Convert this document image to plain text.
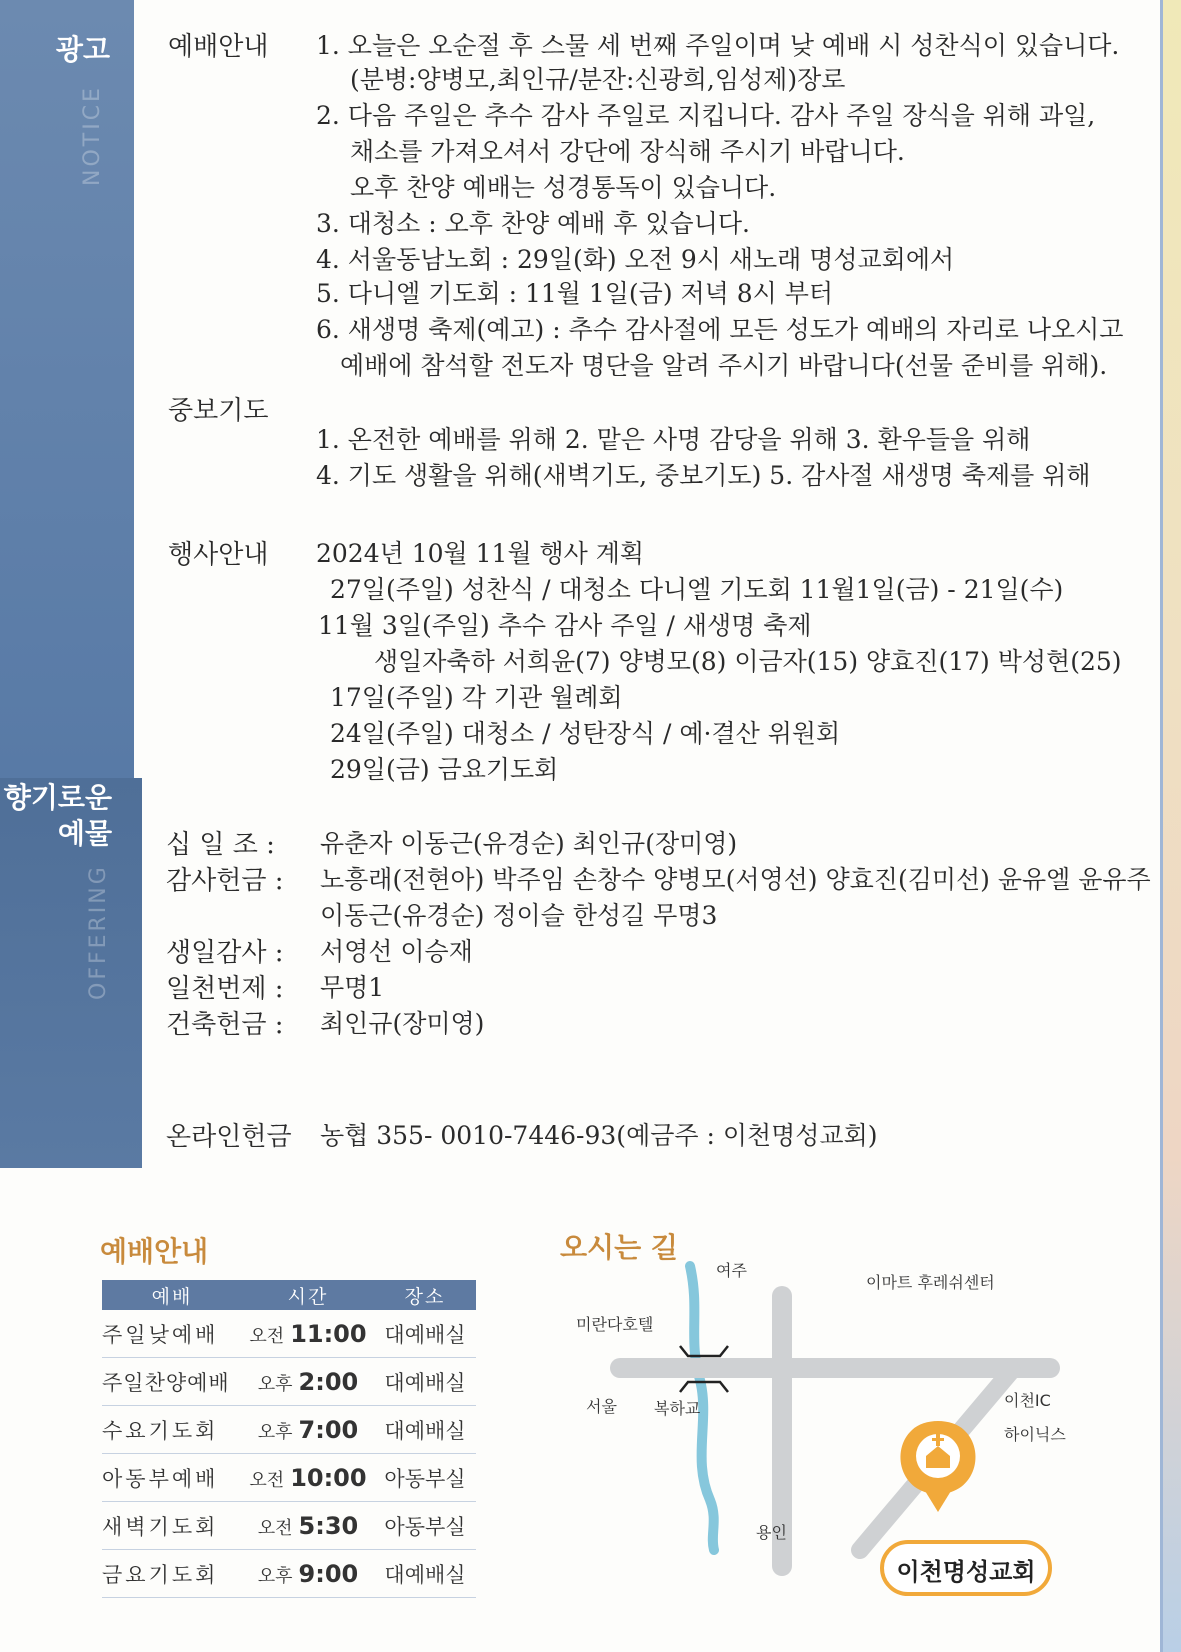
광고
NOTICE
향기로운
예물
OFFERING
예배안내 1. 오늘은 오순절 후 스물 세 번째 주일이며 낮 예배 시 성찬식이 있습니다.
(분병:양병모,최인규/분잔:신광희,임성제)장로
2. 다음 주일은 추수 감사 주일로 지킵니다. 감사 주일 장식을 위해 과일,
채소를 가져오셔서 강단에 장식해 주시기 바랍니다.
오후 찬양 예배는 성경통독이 있습니다.
3. 대청소 : 오후 찬양 예배 후 있습니다.
4. 서울동남노회 : 29일(화) 오전 9시 새노래 명성교회에서
5. 다니엘 기도회 : 11월 1일(금) 저녁 8시 부터
6. 새생명 축제(예고) : 추수 감사절에 모든 성도가 예배의 자리로 나오시고
예배에 참석할 전도자 명단을 알려 주시기 바랍니다(선물 준비를 위해).
중보기도
1. 온전한 예배를 위해 2. 맡은 사명 감당을 위해 3. 환우들을 위해
4. 기도 생활을 위해(새벽기도, 중보기도) 5. 감사절 새생명 축제를 위해
행사안내 2024년 10월 11월 행사 계획
27일(주일) 성찬식 / 대청소 다니엘 기도회 11월1일(금) - 21일(수)
11월 3일(주일) 추수 감사 주일 / 새생명 축제
생일자축하 서희윤(7) 양병모(8) 이금자(15) 양효진(17) 박성현(25)
17일(주일) 각 기관 월례회
24일(주일) 대청소 / 성탄장식 / 예·결산 위원회
29일(금) 금요기도회
십 일 조 : 유춘자 이동근(유경순) 최인규(장미영)
감사헌금 : 노흥래(전현아) 박주임 손창수 양병모(서영선) 양효진(김미선) 윤유엘 윤유주
이동근(유경순) 정이슬 한성길 무명3
생일감사 : 서영선 이승재
일천번제 : 무명1
건축헌금 : 최인규(장미영)
온라인헌금 농협 355- 0010-7446-93(예금주 : 이천명성교회)
예배안내
예배	시간	장소
주일낮예배	오전 11:00	대예배실
주일찬양예배	오후 2:00	대예배실
수요기도회	오후 7:00	대예배실
아동부예배	오전 10:00	아동부실
새벽기도회	오전 5:30	아동부실
금요기도회	오후 9:00	대예배실
오시는 길
여주
이마트 후레쉬센터
미란다호텔
서울 복하교	이천IC
하이닉스
용인
이천명성교회
